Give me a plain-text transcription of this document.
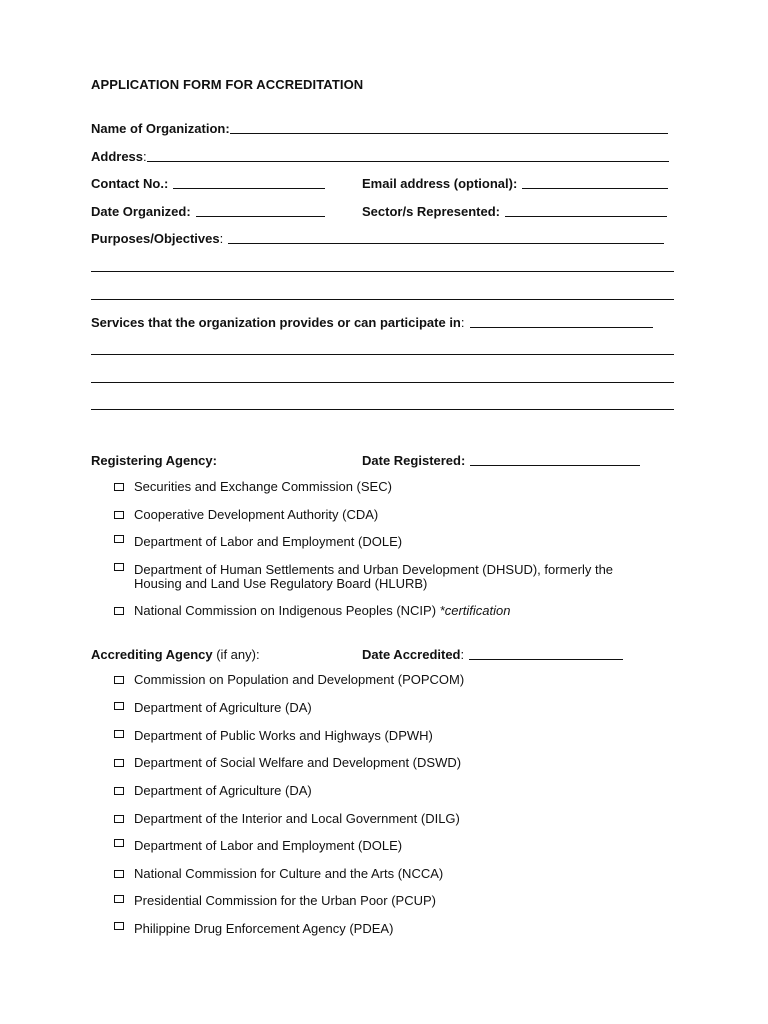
APPLICATION FORM FOR ACCREDITATION
Name of Organization:
Address :
Contact No.:	Email address (optional):
Date Organized:	Sector/s Represented:
Purposes/Objectives :
Services that the organization provides or can participate in :
Registering Agency:	Date Registered:
Securities and Exchange Commission (SEC)
Cooperative Development Authority (CDA)
Department of Labor and Employment (DOLE)
Department of Human Settlements and Urban Development (DHSUD), formerly the Housing and Land Use Regulatory Board (HLURB)
National Commission on Indigenous Peoples (NCIP) *certification
Accrediting Agency (if any):	Date Accredited :
Commission on Population and Development (POPCOM)
Department of Agriculture (DA)
Department of Public Works and Highways (DPWH)
Department of Social Welfare and Development (DSWD)
Department of Agriculture (DA)
Department of the Interior and Local Government (DILG)
Department of Labor and Employment (DOLE)
National Commission for Culture and the Arts (NCCA)
Presidential Commission for the Urban Poor (PCUP)
Philippine Drug Enforcement Agency (PDEA)
